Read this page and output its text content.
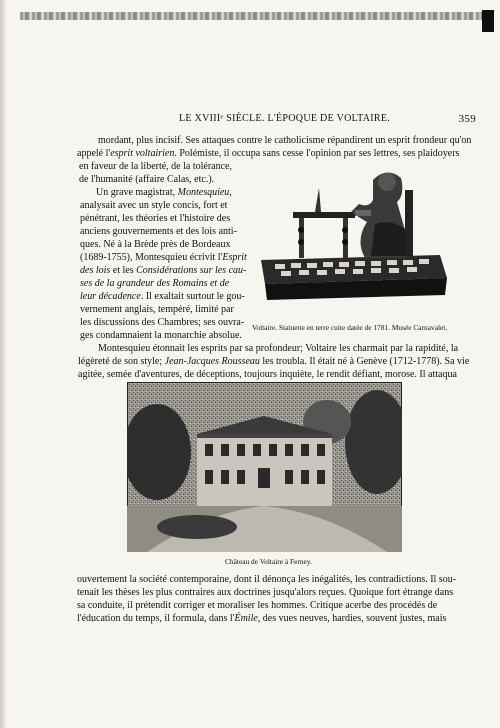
LE XVIIIᵉ SIÈCLE. L'ÉPOQUE DE VOLTAIRE.	359
mordant, plus incisif. Ses attaques contre le catholicisme répandirent un esprit frondeur qu'on
appelé l'esprit voltairien. Polémiste, il occupa sans cesse l'opinion par ses lettres, ses plaidoyers
en faveur de la liberté, de la tolérance,
de l'humanité (affaire Calas, etc.).
Un grave magistrat, Montesquieu,
analysait avec un style concis, fort et
pénétrant, les théories et l'histoire des
anciens gouvernements et des lois anti-
ques. Né à la Brède près de Bordeaux
(1689-1755), Montesquieu écrivit l'Esprit
des lois et les Considérations sur les cau-
ses de la grandeur des Romains et de
leur décadence. Il exaltait surtout le gou-
vernement anglais, tempéré, limité par
les discussions des Chambres; ses ouvra-
ges condamnaient la monarchie absolue.
Voltaire. Statuette en terre cuite datée de 1781. Musée Carnavalet.
Montesquieu étonnait les esprits par sa profondeur; Voltaire les charmait par la rapidité, la
légèreté de son style; Jean-Jacques Rousseau les troubla. Il était né à Genève (1712-1778). Sa vie
agitée, semée d'aventures, de déceptions, toujours inquiète, le rendit défiant, morose. Il attaqua
Château de Voltaire à Ferney.
ouvertement la société contemporaine, dont il dénonça les inégalités, les contradictions. Il sou-
tenait les thèses les plus contraires aux doctrines jusqu'alors reçues. Quoique fort étrange dans
sa conduite, il prétendit corriger et moraliser les hommes. Critique acerbe des procédés de
l'éducation du temps, il formula, dans l'Émile, des vues neuves, hardies, souvent justes, mais
